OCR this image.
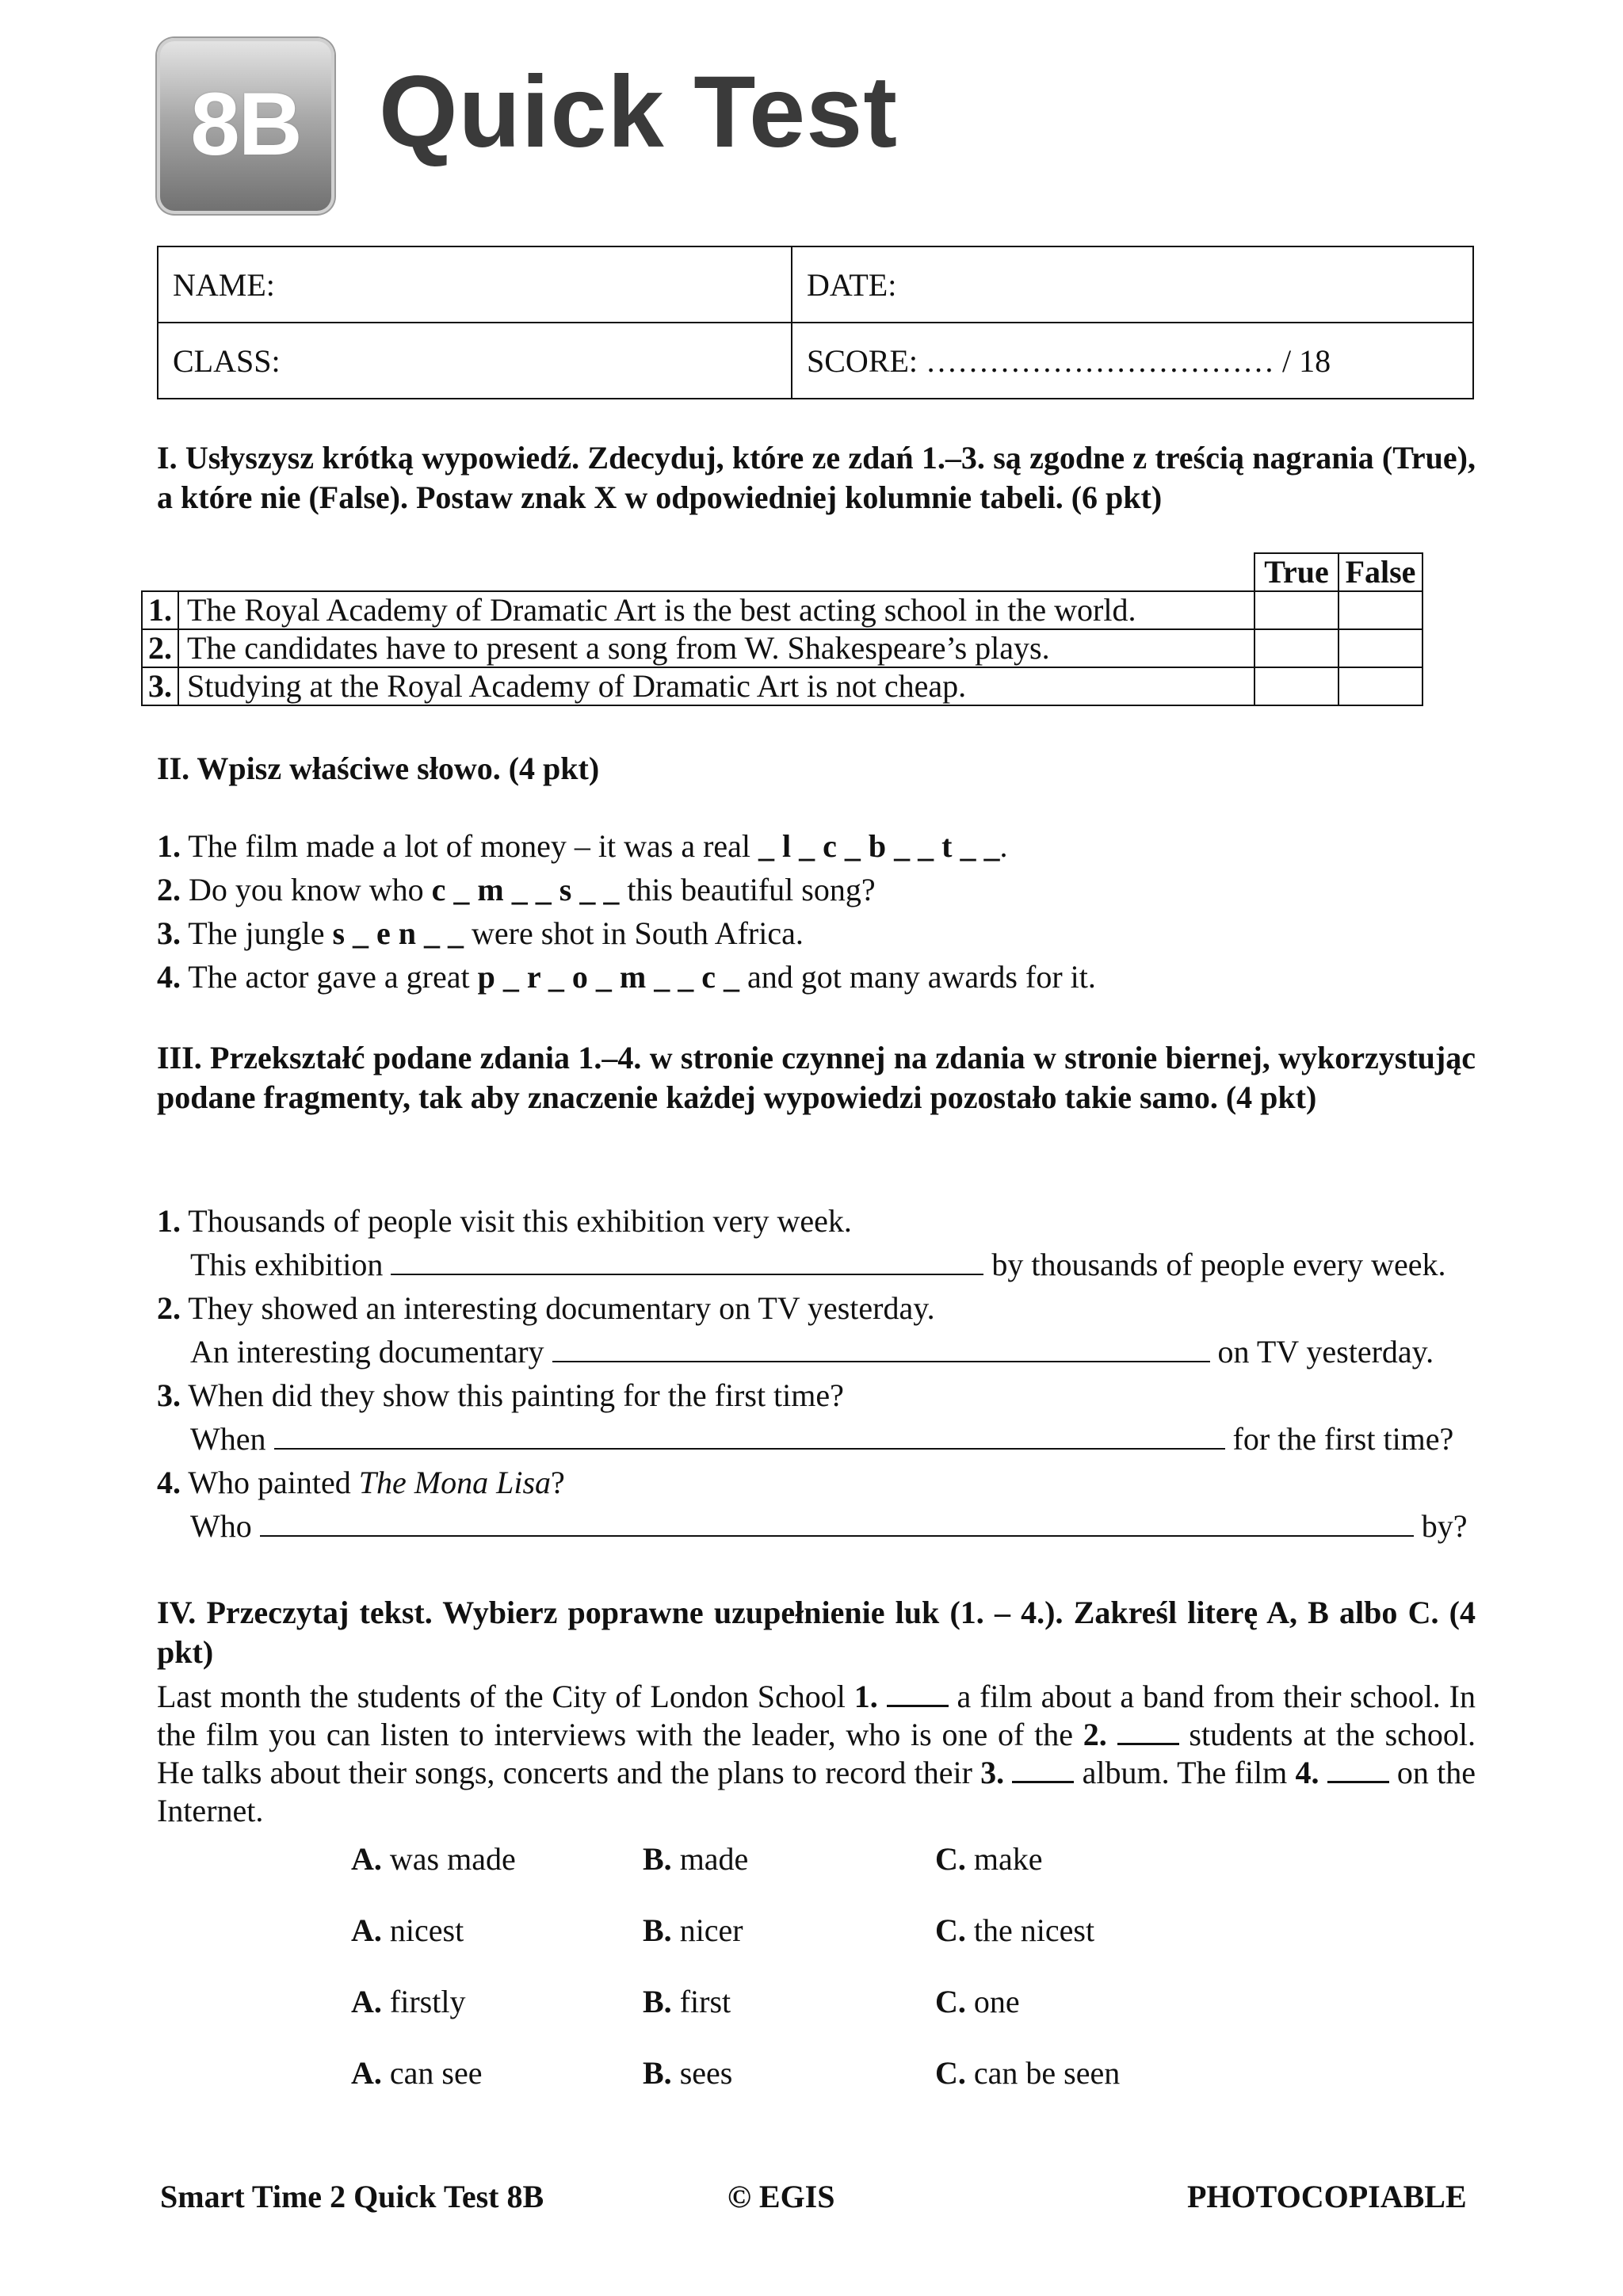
8B Quick Test
NAME:	DATE:
CLASS:	SCORE: …………………………… / 18
I. Usłyszysz krótką wypowiedź. Zdecyduj, które ze zdań 1.–3. są zgodne z treścią nagrania (True), a które nie (False). Postaw znak X w odpowiedniej kolumnie tabeli. (6 pkt)
		True	False
1.	The Royal Academy of Dramatic Art is the best acting school in the world.		
2.	The candidates have to present a song from W. Shakespeare’s plays.		
3.	Studying at the Royal Academy of Dramatic Art is not cheap.		
II. Wpisz właściwe słowo. (4 pkt)
1. The film made a lot of money – it was a real _ l _ c _ b _ _ t _ _.
2. Do you know who c _ m _ _ s _ _ this beautiful song?
3. The jungle s _ e n _ _ were shot in South Africa.
4. The actor gave a great p _ r _ o _ m _ _ c _ and got many awards for it.
III. Przekształć podane zdania 1.–4. w stronie czynnej na zdania w stronie biernej, wykorzystując podane fragmenty, tak aby znaczenie każdej wypowiedzi pozostało takie samo. (4 pkt)
1. Thousands of people visit this exhibition very week.
This exhibition	by thousands of people every week.
2. They showed an interesting documentary on TV yesterday.
An interesting documentary	on TV yesterday.
3. When did they show this painting for the first time?
When	for the first time?
4. Who painted The Mona Lisa?
Who	by?
IV. Przeczytaj tekst. Wybierz poprawne uzupełnienie luk (1. – 4.). Zakreśl literę A, B albo C. (4 pkt)
Last month the students of the City of London School 1.  a film about a band from their school. In the film you can listen to interviews with the leader, who is one of the 2.  students at the school. He talks about their songs, concerts and the plans to record their 3.  album. The film 4.  on the Internet.
A. was made	B. made	C. make
A. nicest	B. nicer	C. the nicest
A. firstly	B. first	C. one
A. can see	B. sees	C. can be seen
Smart Time 2 Quick Test 8B	© EGIS	PHOTOCOPIABLE
